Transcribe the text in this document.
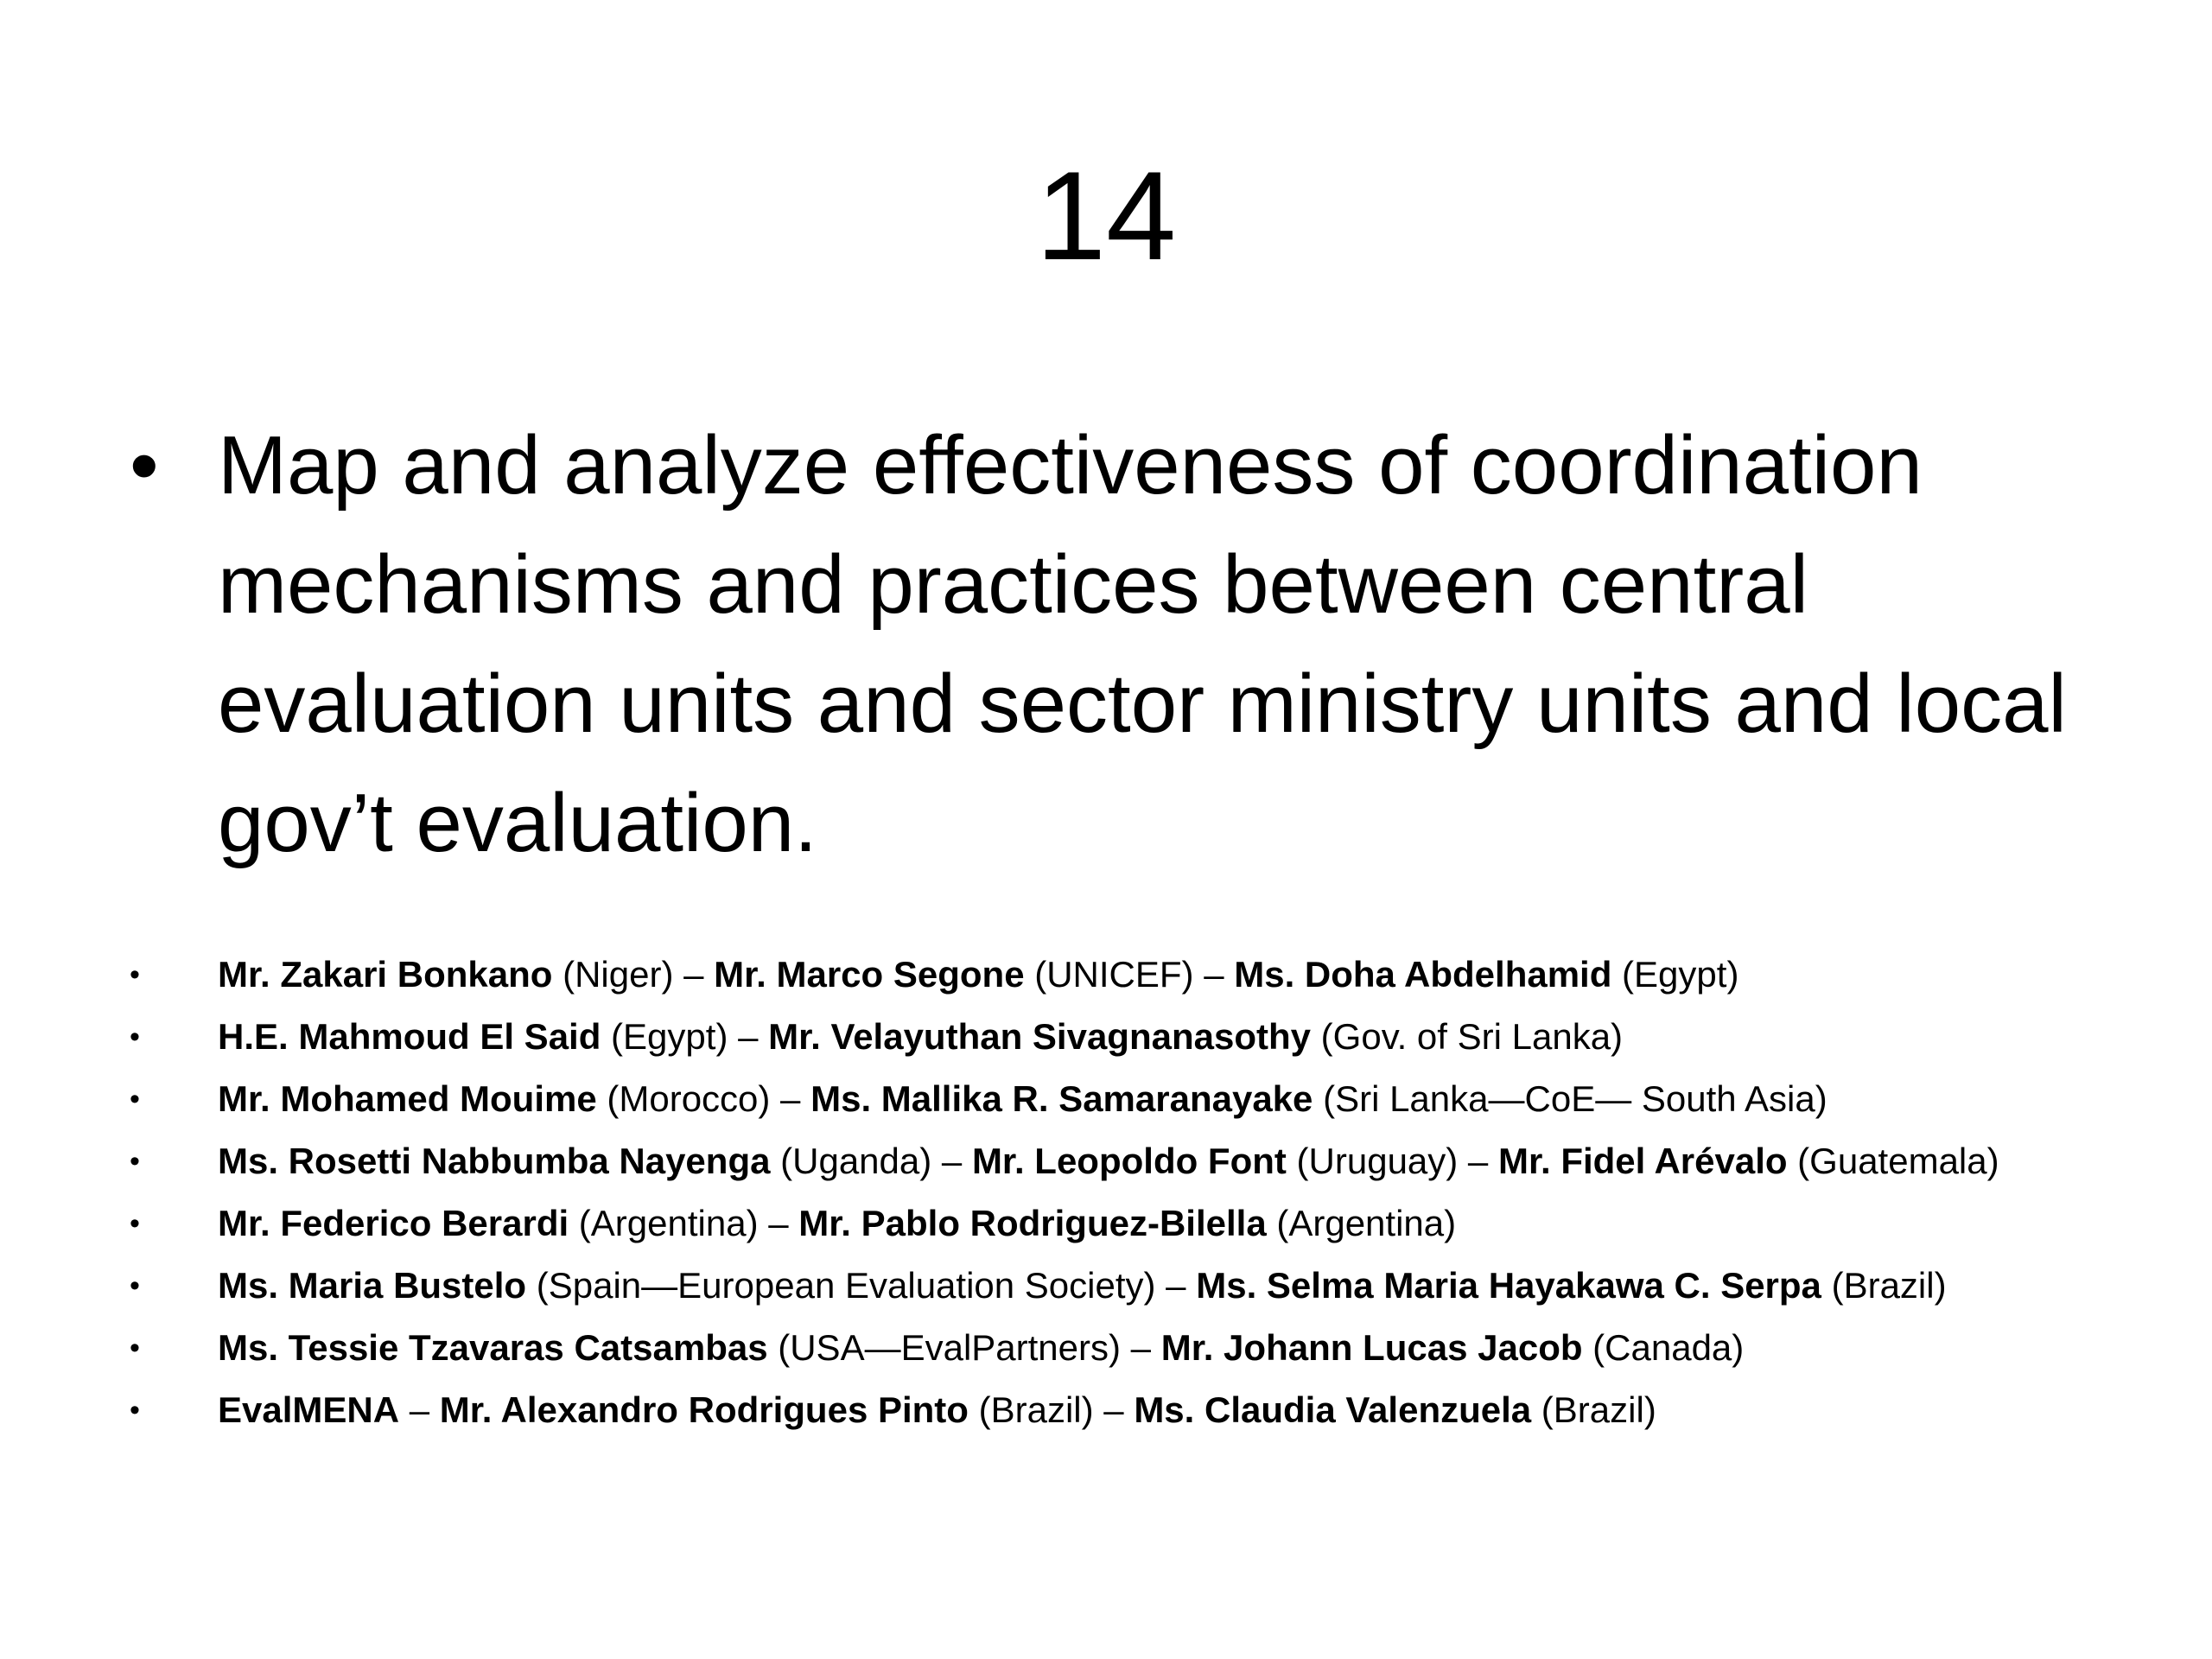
14
• Map and analyze effectiveness of coordination mechanisms and practices between central evaluation units and sector ministry units and local gov’t evaluation.
•	Mr. Zakari Bonkano (Niger) – Mr. Marco Segone (UNICEF) – Ms. Doha Abdelhamid (Egypt)
•	H.E. Mahmoud El Said (Egypt) – Mr. Velayuthan Sivagnanasothy (Gov. of Sri Lanka)
•	Mr. Mohamed Mouime (Morocco) – Ms. Mallika R. Samaranayake (Sri Lanka—CoE— South Asia)
•	Ms. Rosetti Nabbumba Nayenga (Uganda) – Mr. Leopoldo Font (Uruguay) – Mr. Fidel Arévalo (Guatemala)
•	Mr. Federico Berardi (Argentina) – Mr. Pablo Rodriguez-Bilella (Argentina)
•	Ms. Maria Bustelo (Spain—European Evaluation Society) – Ms. Selma Maria Hayakawa C. Serpa (Brazil)
•	Ms. Tessie Tzavaras Catsambas (USA—EvalPartners) – Mr. Johann Lucas Jacob (Canada)
•	EvalMENA – Mr. Alexandro Rodrigues Pinto (Brazil) – Ms. Claudia Valenzuela (Brazil)
